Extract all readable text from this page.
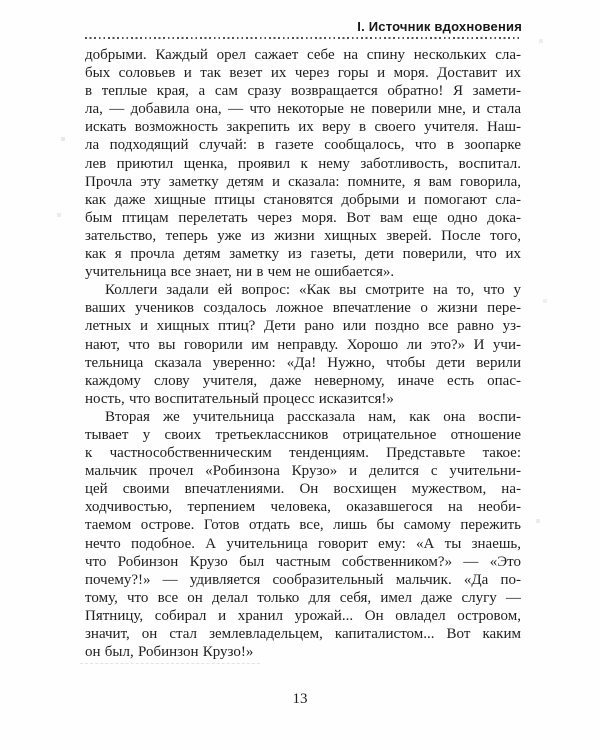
I. Источник вдохновения
добрыми. Каждый орел сажает себе на спину нескольких сла-
бых соловьев и так везет их через горы и моря. Доставит их
в теплые края, а сам сразу возвращается обратно! Я замети-
ла, — добавила она, — что некоторые не поверили мне, и стала
искать возможность закрепить их веру в своего учителя. Наш-
ла подходящий случай: в газете сообщалось, что в зоопарке
лев приютил щенка, проявил к нему заботливость, воспитал.
Прочла эту заметку детям и сказала: помните, я вам говорила,
как даже хищные птицы становятся добрыми и помогают сла-
бым птицам перелетать через моря. Вот вам еще одно дока-
зательство, теперь уже из жизни хищных зверей. После того,
как я прочла детям заметку из газеты, дети поверили, что их
учительница все знает, ни в чем не ошибается».
Коллеги задали ей вопрос: «Как вы смотрите на то, что у
ваших учеников создалось ложное впечатление о жизни пере-
летных и хищных птиц? Дети рано или поздно все равно уз-
нают, что вы говорили им неправду. Хорошо ли это?» И учи-
тельница сказала уверенно: «Да! Нужно, чтобы дети верили
каждому слову учителя, даже неверному, иначе есть опас-
ность, что воспитательный процесс исказится!»
Вторая же учительница рассказала нам, как она воспи-
тывает у своих третьеклассников отрицательное отношение
к частнособственническим тенденциям. Представьте такое:
мальчик прочел «Робинзона Крузо» и делится с учительни-
цей своими впечатлениями. Он восхищен мужеством, на-
ходчивостью, терпением человека, оказавшегося на необи-
таемом острове. Готов отдать все, лишь бы самому пережить
нечто подобное. А учительница говорит ему: «А ты знаешь,
что Робинзон Крузо был частным собственником?» — «Это
почему?!» — удивляется сообразительный мальчик. «Да по-
тому, что все он делал только для себя, имел даже слугу —
Пятницу, собирал и хранил урожай... Он овладел островом,
значит, он стал землевладельцем, капиталистом... Вот каким
он был, Робинзон Крузо!»
13
